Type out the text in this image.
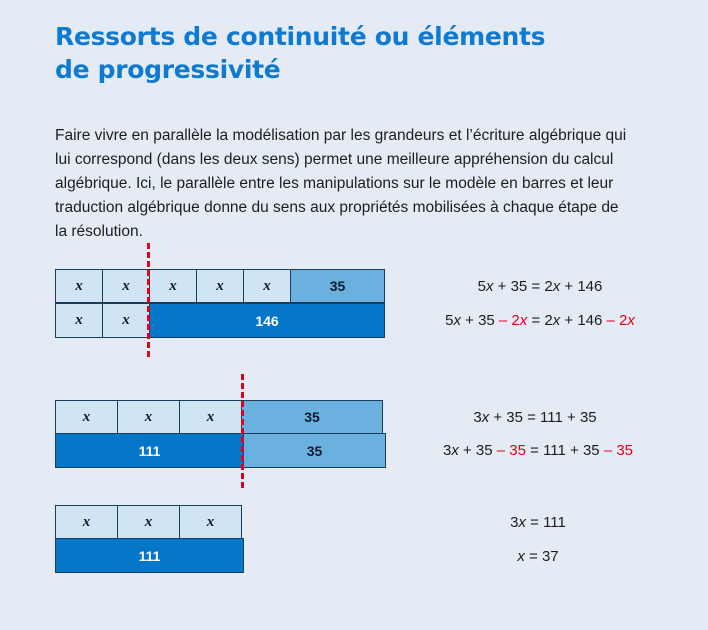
Ressorts de continuité ou éléments
de progressivité
Faire vivre en parallèle la modélisation par les grandeurs et l’écriture algébrique qui
lui correspond (dans les deux sens) permet une meilleure appréhension du calcul
algébrique. Ici, le parallèle entre les manipulations sur le modèle en barres et leur
traduction algébrique donne du sens aux propriétés mobilisées à chaque étape de
la résolution.
x	x	x	x	x	35
x	x	146
5x + 35 = 2x + 146
5x + 35 – 2x = 2x + 146 – 2x
x	x	x	35
111	35
3x + 35 = 111 + 35
3x + 35 – 35 = 111 + 35 – 35
x	x	x
111
3x = 111
x = 37
